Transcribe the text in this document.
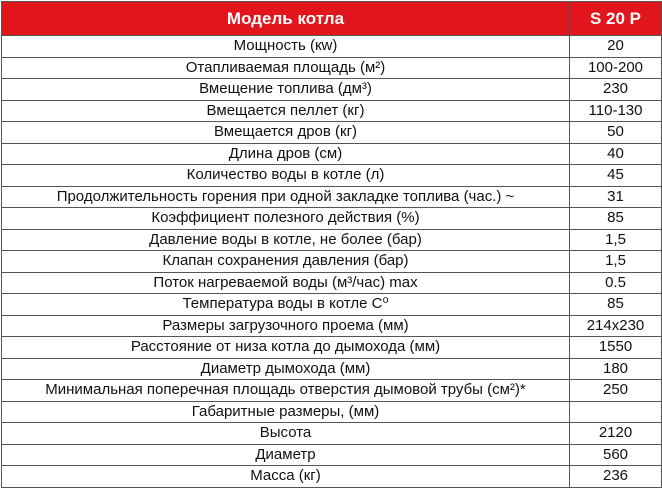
Модель котла	S 20 P
Мощность (кw)	20
Отапливаемая площадь (м²)	100-200
Вмещение топлива (дм³)	230
Вмещается пеллет (кг)	110-130
Вмещается дров (кг)	50
Длина дров (см)	40
Количество воды в котле (л)	45
Продолжительность горения при одной закладке топлива (час.) ~	31
Коэффициент полезного действия (%)	85
Давление воды в котле, не более (бар)	1,5
Клапан сохранения давления (бар)	1,5
Поток нагреваемой воды (м³/час) max	0.5
Температура воды в котле C⁰	85
Размеры загрузочного проема (мм)	214x230
Расстояние от низа котла до дымохода (мм)	1550
Диаметр дымохода (мм)	180
Минимальная поперечная площадь отверстия дымовой трубы (cм²)*	250
Габаритные размеры, (мм)	
Высота	2120
Диаметр	560
Масса (кг)	236
